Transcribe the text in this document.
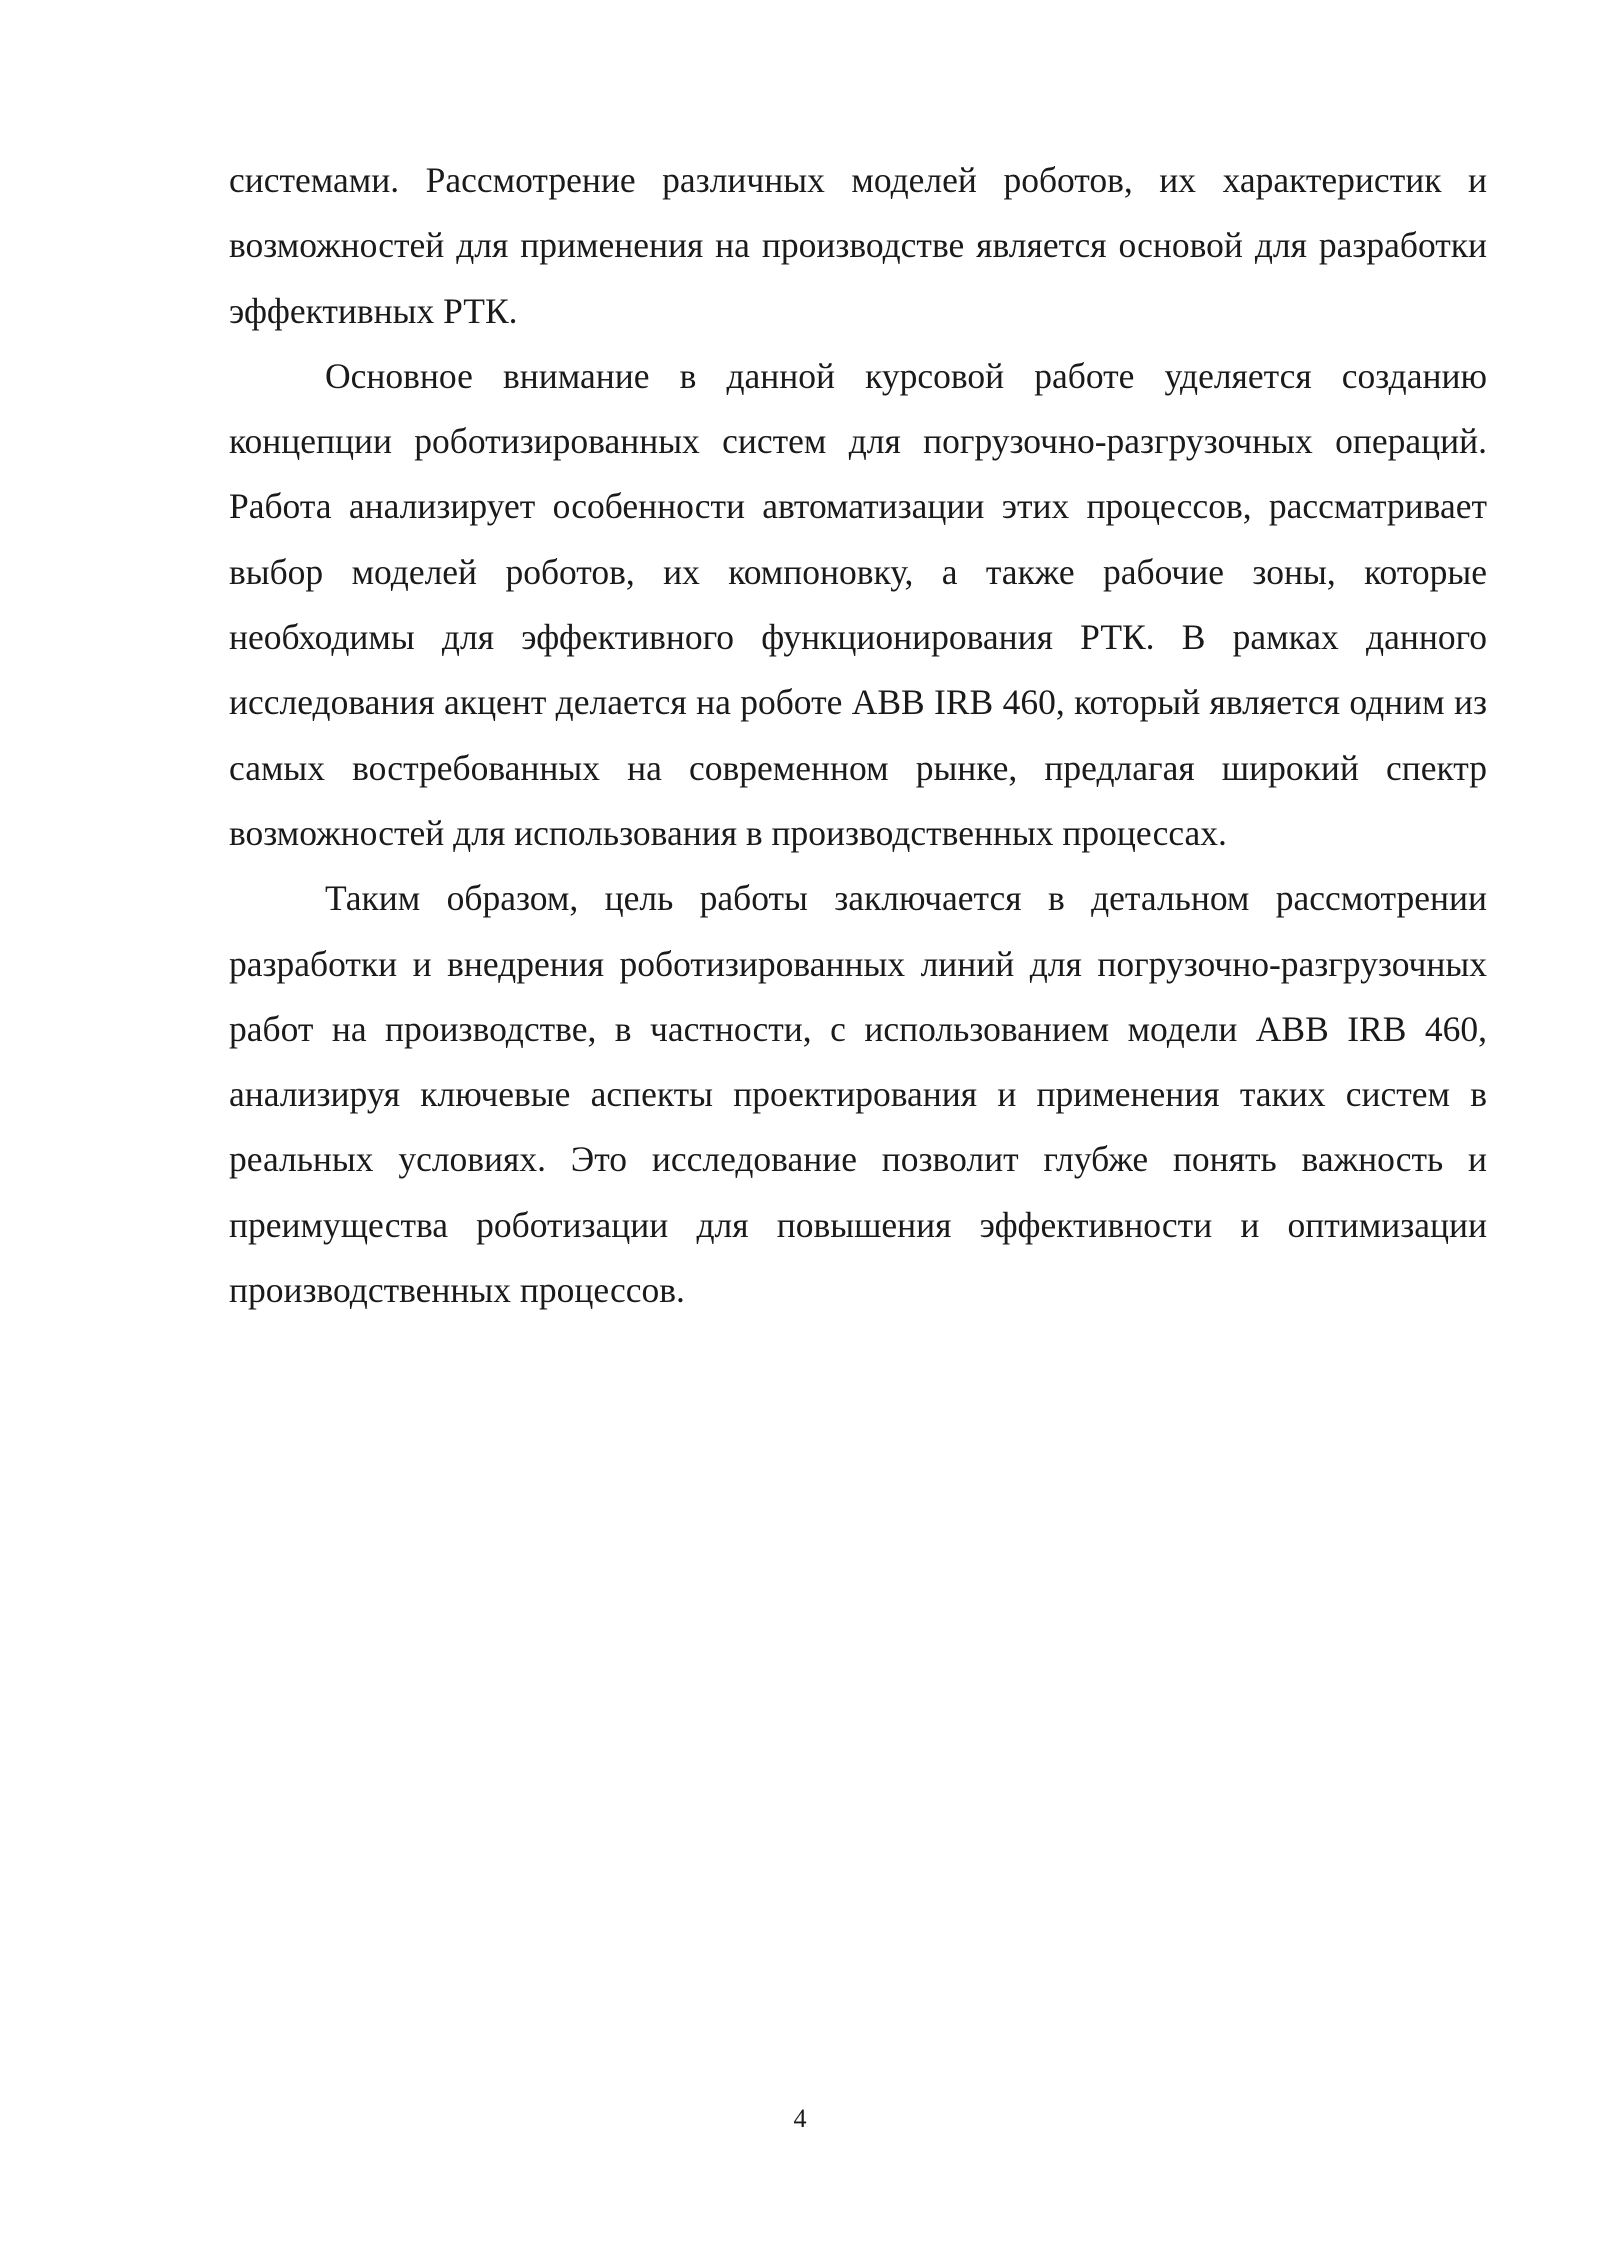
системами. Рассмотрение различных моделей роботов, их характеристик и возможностей для применения на производстве является основой для разработки эффективных РТК.

Основное внимание в данной курсовой работе уделяется созданию концепции роботизированных систем для погрузочно-разгрузочных операций. Работа анализирует особенности автоматизации этих процессов, рассматривает выбор моделей роботов, их компоновку, а также рабочие зоны, которые необходимы для эффективного функционирования РТК. В рамках данного исследования акцент делается на роботе ABB IRB 460, который является одним из самых востребованных на современном рынке, предлагая широкий спектр возможностей для использования в производственных процессах.

Таким образом, цель работы заключается в детальном рассмотрении разработки и внедрения роботизированных линий для погрузочно-разгрузочных работ на производстве, в частности, с использованием модели ABB IRB 460, анализируя ключевые аспекты проектирования и применения таких систем в реальных условиях. Это исследование позволит глубже понять важность и преимущества роботизации для повышения эффективности и оптимизации производственных процессов.

4
